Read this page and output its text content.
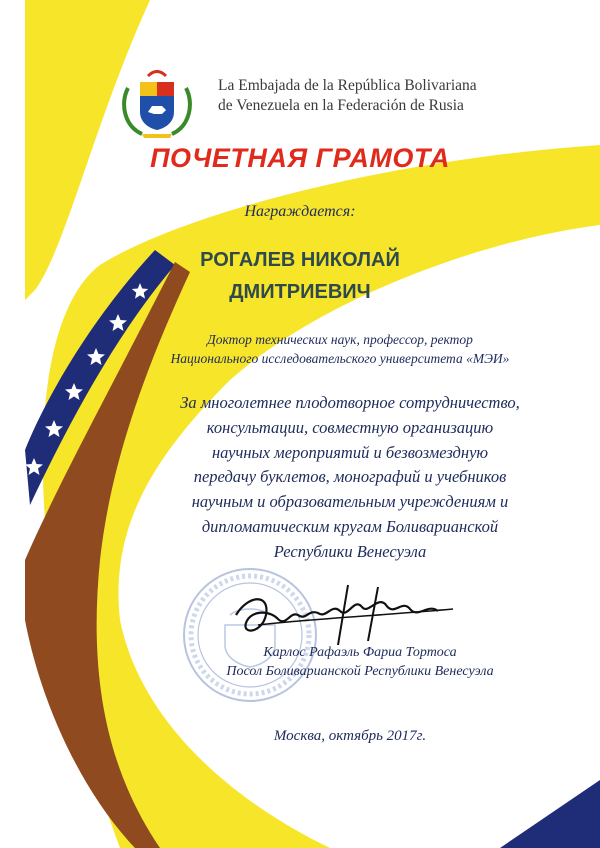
La Embajada de la República Bolivariana
de Venezuela en la Federación de Rusia
ПОЧЕТНАЯ ГРАМОТА
Награждается:
РОГАЛЕВ НИКОЛАЙ
ДМИТРИЕВИЧ
Доктор технических наук, профессор, ректор
Национального исследовательского университета «МЭИ»
За многолетнее плодотворное сотрудничество,
консультации, совместную организацию
научных мероприятий и безвозмездную
передачу буклетов, монографий и учебников
научным и образовательным учреждениям и
дипломатическим кругам Боливарианской
Республики Венесуэла
Карлос Рафаэль Фариа Тортоса
Посол Боливарианской Республики Венесуэла
Москва, октябрь 2017г.
